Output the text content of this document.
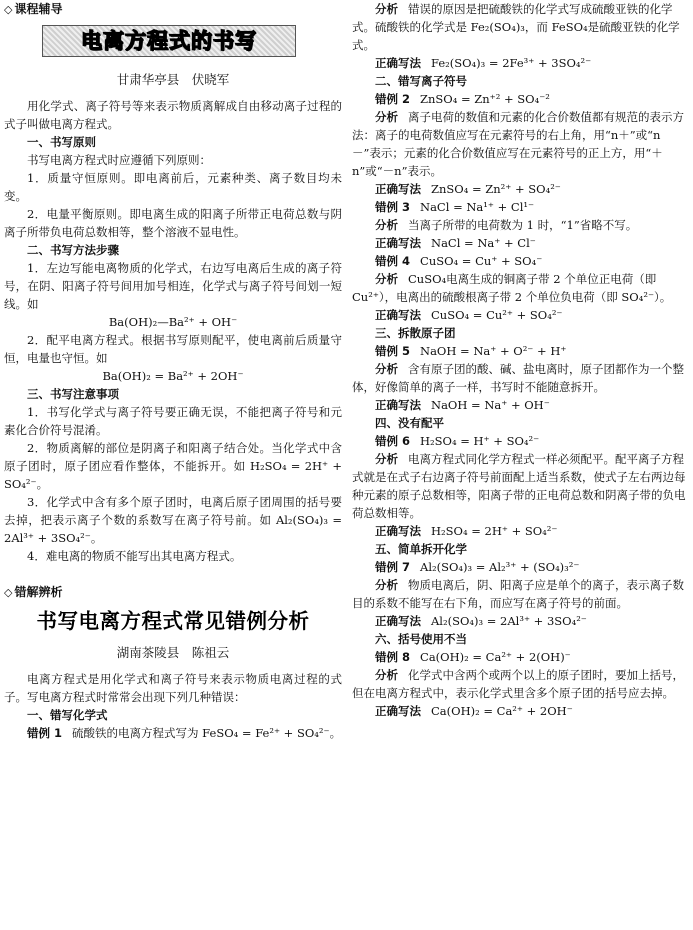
◇ 课程辅导

电离方程式的书写

甘肃华亭县　伏晓军

用化学式、离子符号等来表示物质离解成自由移动离子过程的式子叫做电离方程式。

一、书写原则

书写电离方程式时应遵循下列原则：

1．质量守恒原则。即电离前后，元素种类、离子数目均未变。

2．电量平衡原则。即电离生成的阳离子所带正电荷总数与阴离子所带负电荷总数相等，整个溶液不显电性。

二、书写方法步骤

1．左边写能电离物质的化学式，右边写电离后生成的离子符号，在阴、阳离子符号间用加号相连，化学式与离子符号间划一短线。如

Ba(OH)₂—Ba²⁺ + OH⁻

2．配平电离方程式。根据书写原则配平，使电离前后质量守恒，电量也守恒。如

Ba(OH)₂ = Ba²⁺ + 2OH⁻

三、书写注意事项

1．书写化学式与离子符号要正确无误，不能把离子符号和元素化合价符号混淆。

2．物质离解的部位是阴离子和阳离子结合处。当化学式中含原子团时，原子团应看作整体，不能拆开。如 H₂SO₄ = 2H⁺ + SO₄²⁻。

3．化学式中含有多个原子团时，电离后原子团周围的括号要去掉，把表示离子个数的系数写在离子符号前。如 Al₂(SO₄)₃ = 2Al³⁺ + 3SO₄²⁻。

4．难电离的物质不能写出其电离方程式。

◇ 错解辨析

书写电离方程式常见错例分析

湖南茶陵县　陈祖云

电离方程式是用化学式和离子符号来表示物质电离过程的式子。写电离方程式时常常会出现下列几种错误：

一、错写化学式

错例 1 硫酸铁的电离方程式写为 FeSO₄ = Fe²⁺ + SO₄²⁻。

分析 错误的原因是把硫酸铁的化学式写成硫酸亚铁的化学式。硫酸铁的化学式是 Fe₂(SO₄)₃，而 FeSO₄是硫酸亚铁的化学式。

正确写法 Fe₂(SO₄)₃ = 2Fe³⁺ + 3SO₄²⁻

二、错写离子符号

错例 2 ZnSO₄ = Zn⁺² + SO₄⁻²

分析 离子电荷的数值和元素的化合价数值都有规范的表示方法：离子的电荷数值应写在元素符号的右上角，用“n＋”或“n－”表示；元素的化合价数值应写在元素符号的正上方，用“＋n”或“－n”表示。

正确写法 ZnSO₄ = Zn²⁺ + SO₄²⁻

错例 3 NaCl = Na¹⁺ + Cl¹⁻

分析 当离子所带的电荷数为 1 时，“1”省略不写。

正确写法 NaCl = Na⁺ + Cl⁻

错例 4 CuSO₄ = Cu⁺ + SO₄⁻

分析 CuSO₄电离生成的铜离子带 2 个单位正电荷（即 Cu²⁺），电离出的硫酸根离子带 2 个单位负电荷（即 SO₄²⁻）。

正确写法 CuSO₄ = Cu²⁺ + SO₄²⁻

三、拆散原子团

错例 5 NaOH = Na⁺ + O²⁻ + H⁺

分析 含有原子团的酸、碱、盐电离时，原子团都作为一个整体，好像简单的离子一样，书写时不能随意拆开。

正确写法 NaOH = Na⁺ + OH⁻

四、没有配平

错例 6 H₂SO₄ = H⁺ + SO₄²⁻

分析 电离方程式同化学方程式一样必须配平。配平离子方程式就是在式子右边离子符号前面配上适当系数，使式子左右两边每种元素的原子总数相等，阳离子带的正电荷总数和阴离子带的负电荷总数相等。

正确写法 H₂SO₄ = 2H⁺ + SO₄²⁻

五、简单拆开化学

错例 7 Al₂(SO₄)₃ = Al₂³⁺ + (SO₄)₃²⁻

分析 物质电离后，阴、阳离子应是单个的离子，表示离子数目的系数不能写在右下角，而应写在离子符号的前面。

正确写法 Al₂(SO₄)₃ = 2Al³⁺ + 3SO₄²⁻

六、括号使用不当

错例 8 Ca(OH)₂ = Ca²⁺ + 2(OH)⁻

分析 化学式中含两个或两个以上的原子团时，要加上括号，但在电离方程式中，表示化学式里含多个原子团的括号应去掉。

正确写法 Ca(OH)₂ = Ca²⁺ + 2OH⁻
